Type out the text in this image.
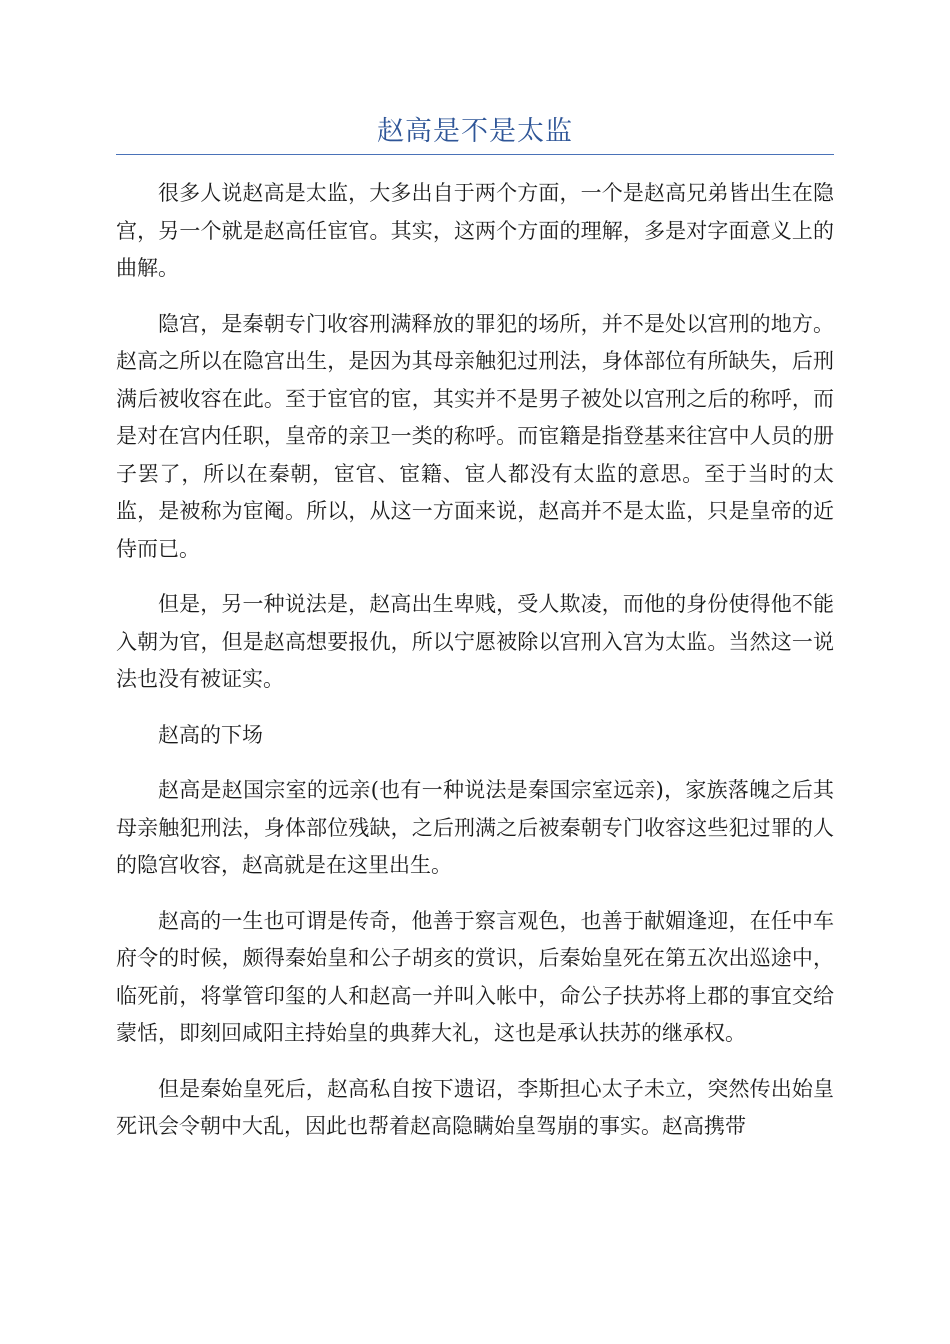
赵高是不是太监

很多人说赵高是太监，大多出自于两个方面，一个是赵高兄弟皆出生在隐宫，另一个就是赵高任宦官。其实，这两个方面的理解，多是对字面意义上的曲解。

隐宫，是秦朝专门收容刑满释放的罪犯的场所，并不是处以宫刑的地方。赵高之所以在隐宫出生，是因为其母亲触犯过刑法，身体部位有所缺失，后刑满后被收容在此。至于宦官的宦，其实并不是男子被处以宫刑之后的称呼，而是对在宫内任职，皇帝的亲卫一类的称呼。而宦籍是指登基来往宫中人员的册子罢了，所以在秦朝，宦官、宦籍、宦人都没有太监的意思。至于当时的太监，是被称为宦阉。所以，从这一方面来说，赵高并不是太监，只是皇帝的近侍而已。

但是，另一种说法是，赵高出生卑贱，受人欺凌，而他的身份使得他不能入朝为官，但是赵高想要报仇，所以宁愿被除以宫刑入宫为太监。当然这一说法也没有被证实。

赵高的下场

赵高是赵国宗室的远亲(也有一种说法是秦国宗室远亲)，家族落魄之后其母亲触犯刑法，身体部位残缺，之后刑满之后被秦朝专门收容这些犯过罪的人的隐宫收容，赵高就是在这里出生。

赵高的一生也可谓是传奇，他善于察言观色，也善于献媚逢迎，在任中车府令的时候，颇得秦始皇和公子胡亥的赏识，后秦始皇死在第五次出巡途中，临死前，将掌管印玺的人和赵高一并叫入帐中，命公子扶苏将上郡的事宜交给蒙恬，即刻回咸阳主持始皇的典葬大礼，这也是承认扶苏的继承权。

但是秦始皇死后，赵高私自按下遗诏，李斯担心太子未立，突然传出始皇死讯会令朝中大乱，因此也帮着赵高隐瞒始皇驾崩的事实。赵高携带
